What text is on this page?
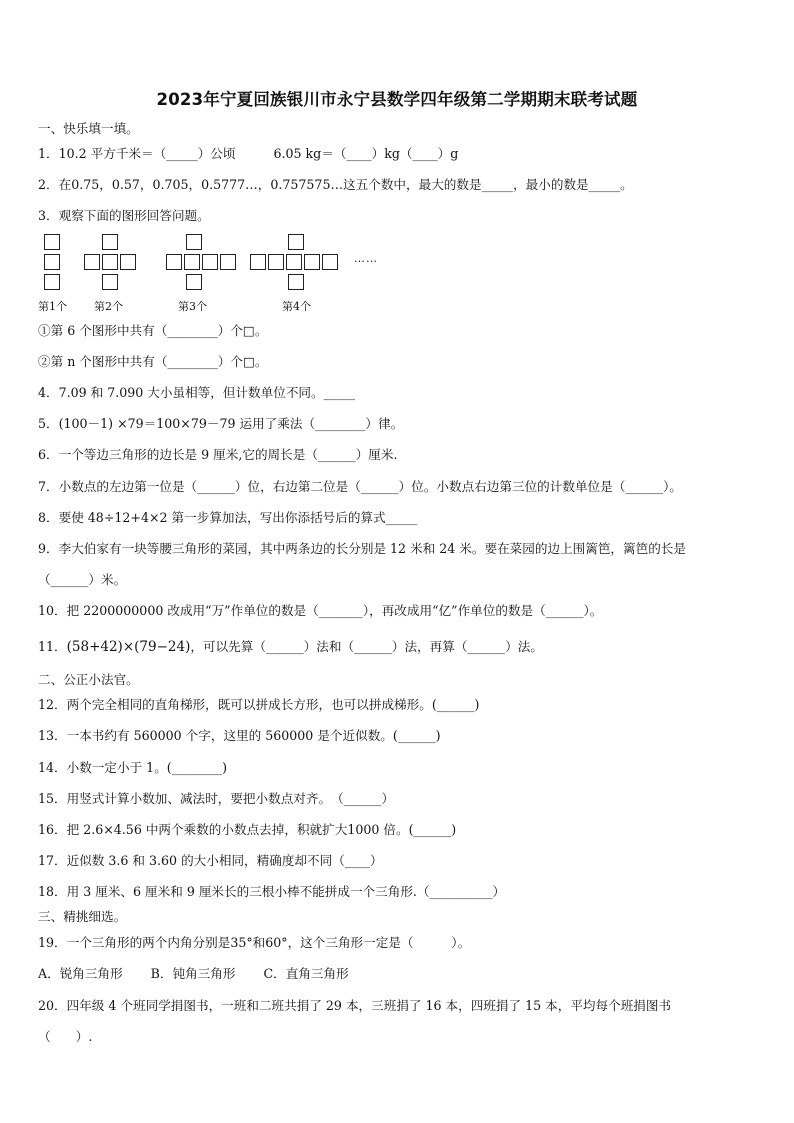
2023年宁夏回族银川市永宁县数学四年级第二学期期末联考试题
一、快乐填一填。
1．10.2 平方千米＝（_____）公顷	6.05 kg＝（____）kg（____）g
2．在0.75，0.57，0.705，0.5777…，0.757575…这五个数中，最大的数是_____，最小的数是_____。
3．观察下面的图形回答问题。
……
第1个 第2个	第3个	第4个
①第 6 个图形中共有（________）个□。
②第 n 个图形中共有（________）个□。
4．7.09 和 7.090 大小虽相等，但计数单位不同。_____
5．(100－1) ×79＝100×79－79 运用了乘法（________）律。
6．一个等边三角形的边长是 9 厘米,它的周长是（______）厘米.
7．小数点的左边第一位是（______）位，右边第二位是（______）位。小数点右边第三位的计数单位是（______）。
8．要使 48÷12+4×2 第一步算加法，写出你添括号后的算式_____
9．李大伯家有一块等腰三角形的菜园，其中两条边的长分别是 12 米和 24 米。要在菜园的边上围篱笆，篱笆的长是
（______）米。
10．把 2200000000 改成用“万”作单位的数是（_______），再改成用“亿”作单位的数是（______）。
11． (58+42)×(79−24) ，可以先算（______）法和（______）法，再算（______）法。
二、公正小法官。
12．两个完全相同的直角梯形，既可以拼成长方形，也可以拼成梯形。(______)
13．一本书约有 560000 个字，这里的 560000 是个近似数。(______)
14．小数一定小于 1。(________)
15．用竖式计算小数加、减法时，要把小数点对齐。　（______）
16．把 2.6×4.56 中两个乘数的小数点去掉，积就扩大1000 倍。(______)
17．近似数 3.6 和 3.60 的大小相同，精确度却不同（____）
18．用 3 厘米、6 厘米和 9 厘米长的三根小棒不能拼成一个三角形.（__________）
三、精挑细选。
19．一个三角形的两个内角分别是35°和60°，这个三角形一定是（　　　）。
A．锐角三角形 B．钝角三角形 C．直角三角形
20．四年级 4 个班同学捐图书，一班和二班共捐了 29 本，三班捐了 16 本，四班捐了 15 本，平均每个班捐图书
（　　）.
